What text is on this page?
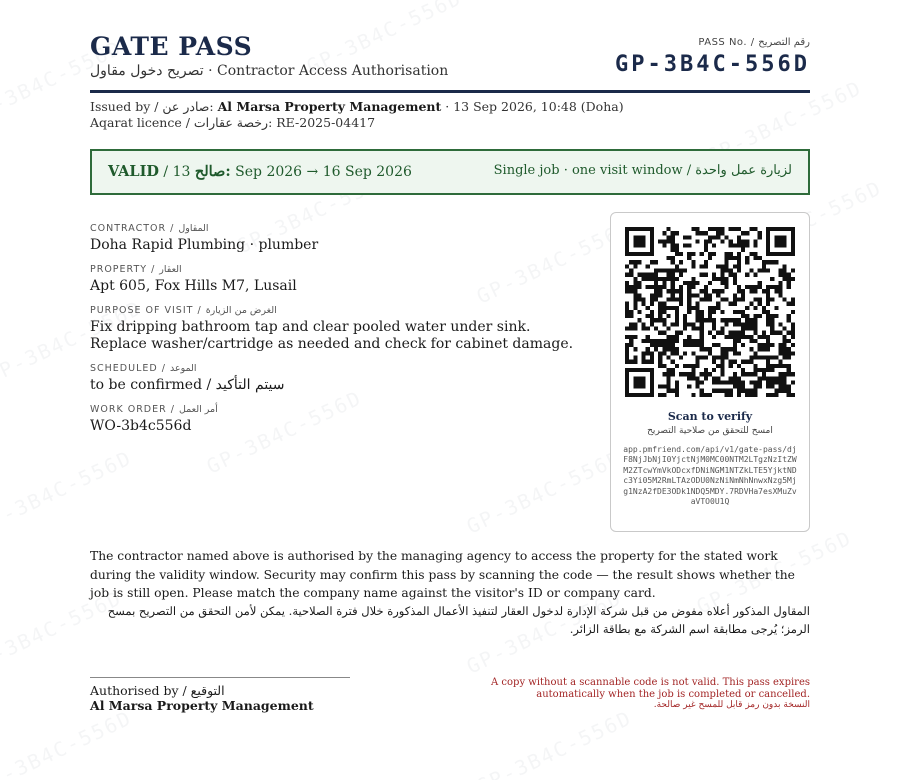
GATE PASS
تصريح دخول مقاول · Contractor Access Authorisation
PASS No. / رقم التصريح
GP-3B4C-556D
Issued by / صادر عن: Al Marsa Property Management · 13 Sep 2026, 10:48 (Doha)
Aqarat licence / رخصة عقارات: RE-2025-04417
VALID / 13 صالح: Sep 2026 → 16 Sep 2026	Single job · one visit window / لزيارة عمل واحدة
CONTRACTOR / المقاول
Doha Rapid Plumbing · plumber
PROPERTY / العقار
Apt 605, Fox Hills M7, Lusail
PURPOSE OF VISIT / الغرض من الزيارة
Fix dripping bathroom tap and clear pooled water under sink. Replace washer/cartridge as needed and check for cabinet damage.
SCHEDULED / الموعد
to be confirmed / سيتم التأكيد
WORK ORDER / أمر العمل
WO-3b4c556d
Scan to verify
امسح للتحقق من صلاحية التصريح
app.pmfriend.com/api/v1/gate-pass/djF8NjJbNjI0YjctNjM0MC00NTM2LTgzNzItZWM2ZTcwYmVkODcxfDNiNGM1NTZkLTE5YjktNDc3Yi05M2RmLTAzODU0NzNiNmNhNnwxNzg5Mjg1NzA2fDE3ODk1NDQ5MDY.7RDVHa7esXMuZvaVTO0U1Q
The contractor named above is authorised by the managing agency to access the property for the stated work during the validity window. Security may confirm this pass by scanning the code — the result shows whether the job is still open. Please match the company name against the visitor's ID or company card.
المقاول المذكور أعلاه مفوض من قبل شركة الإدارة لدخول العقار لتنفيذ الأعمال المذكورة خلال فترة الصلاحية. يمكن لأمن التحقق من التصريح بمسح الرمز؛ يُرجى مطابقة اسم الشركة مع بطاقة الزائر.
Authorised by / التوقيع
Al Marsa Property Management
A copy without a scannable code is not valid. This pass expires automatically when the job is completed or cancelled.
النسخة بدون رمز قابل للمسح غير صالحة.
